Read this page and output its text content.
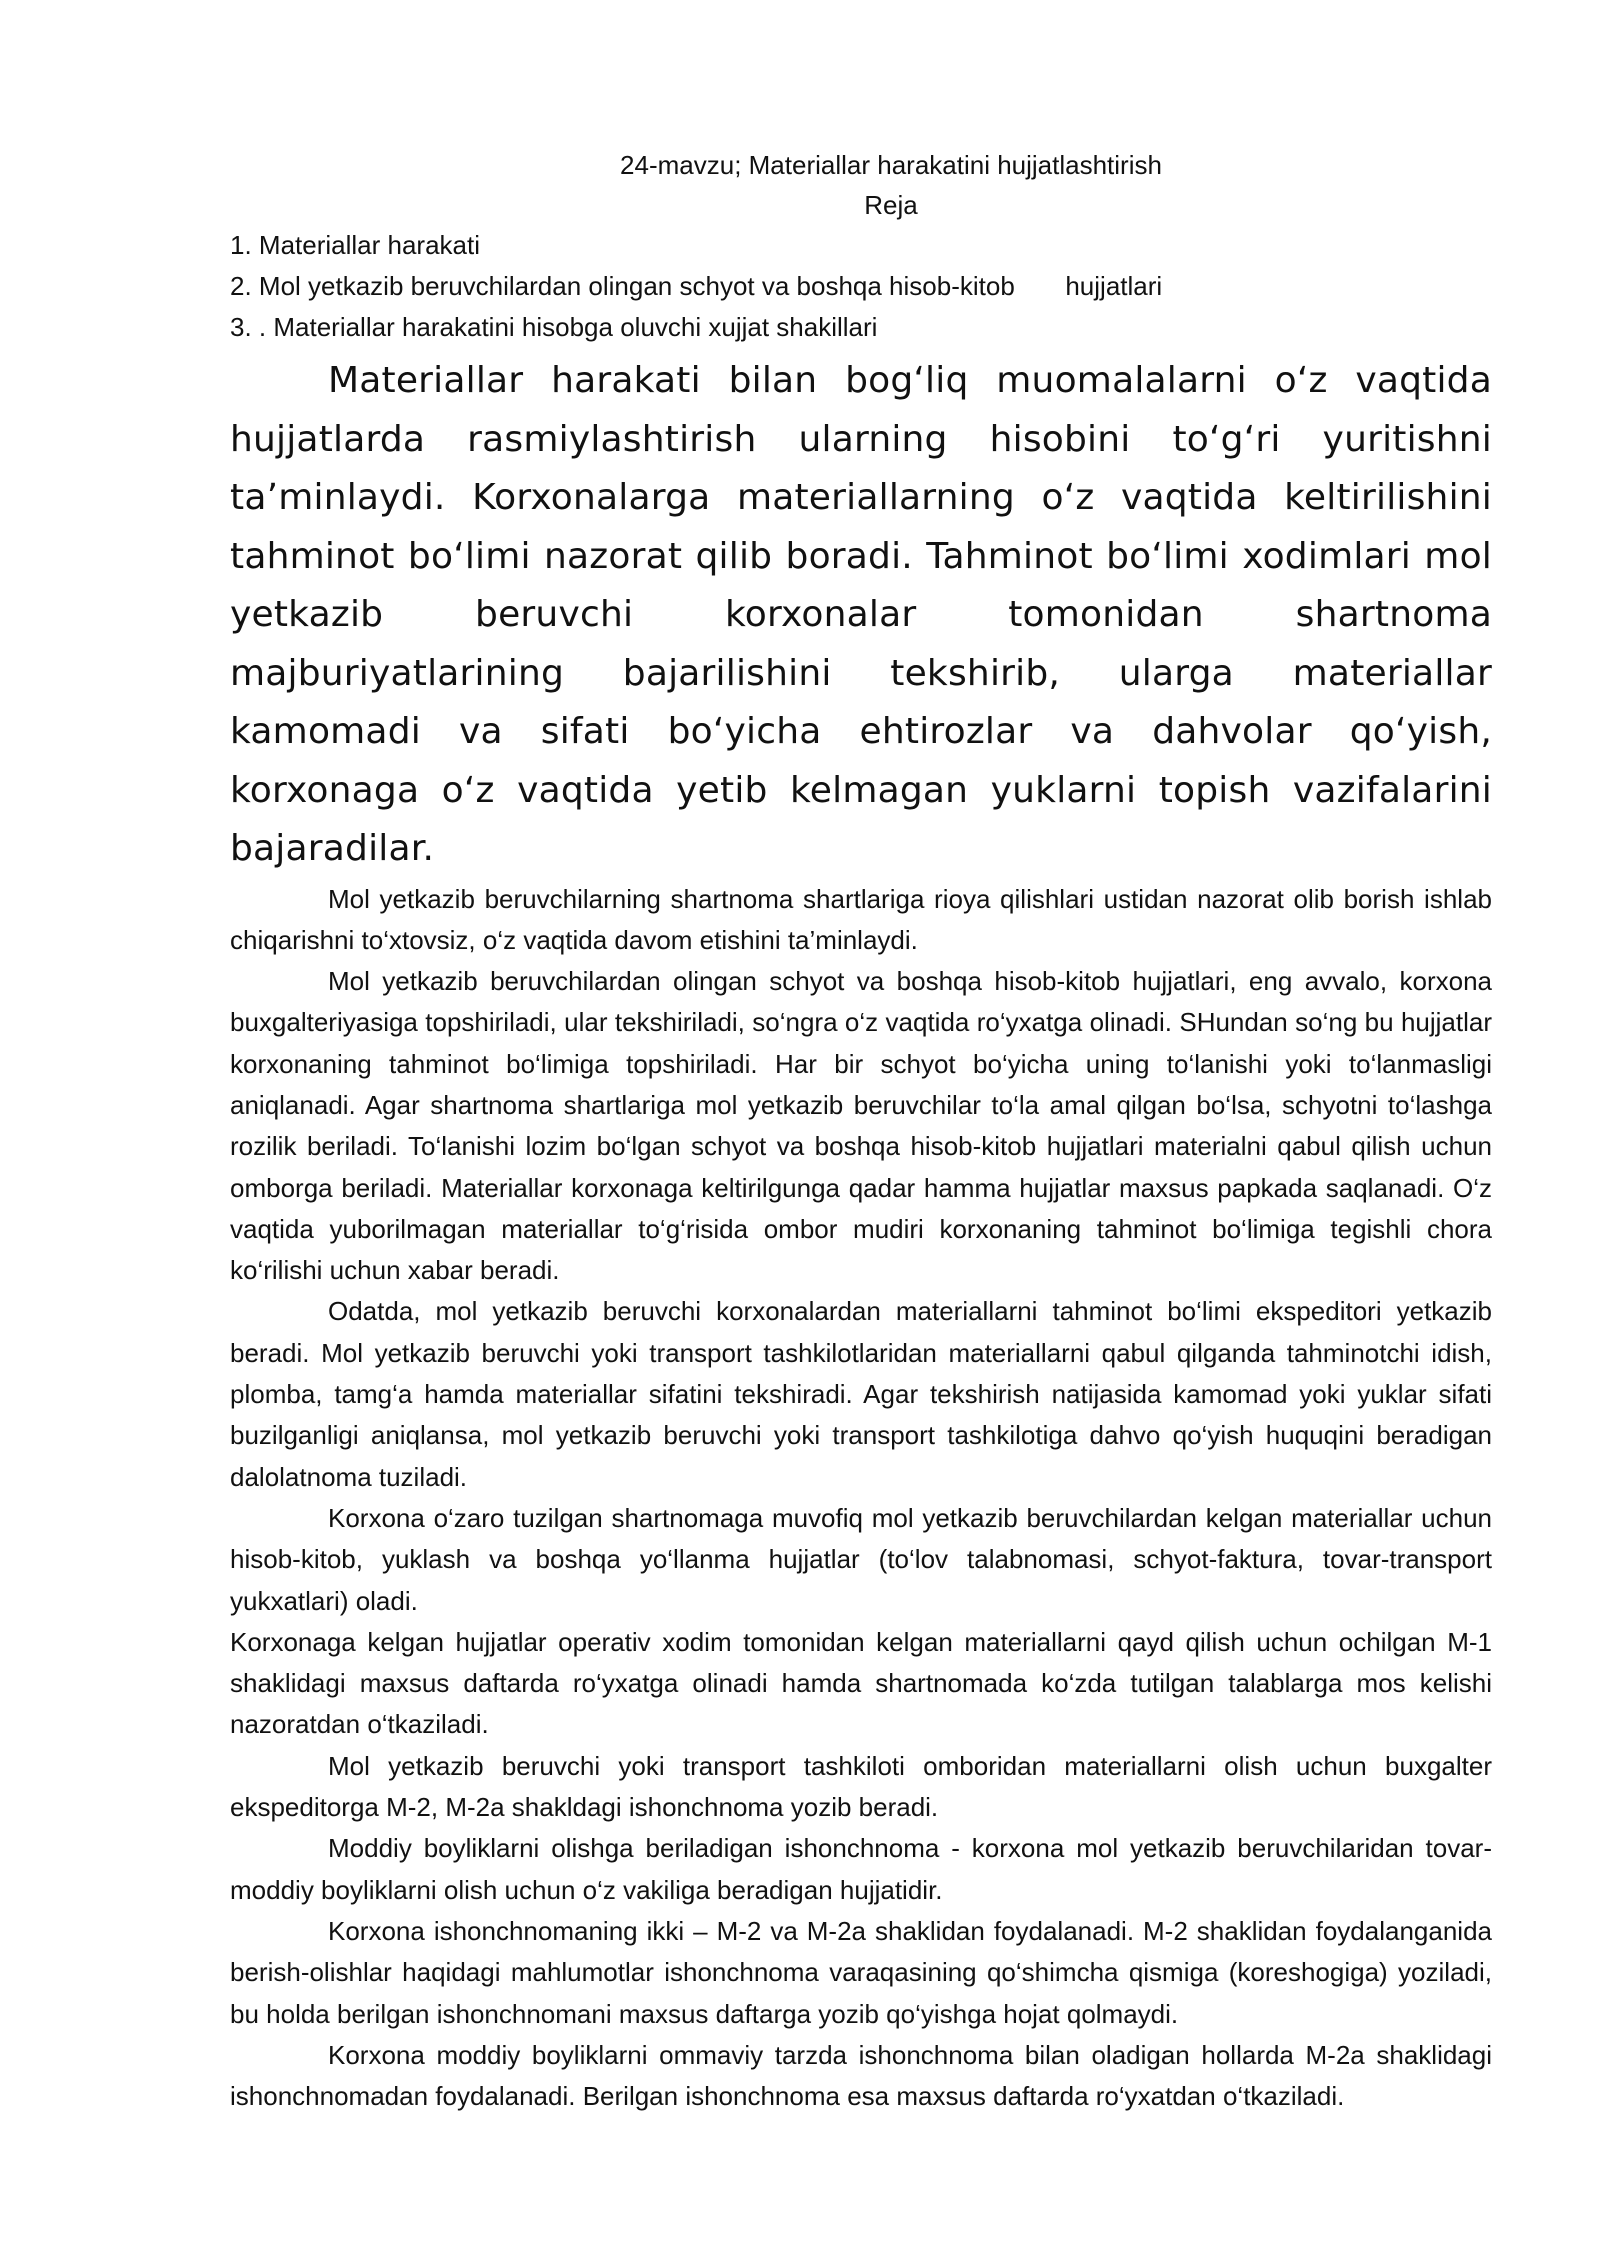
24-mavzu; Materiallar harakatini hujjatlashtirish

Reja

1. Materiallar harakati

2. Mol yetkazib beruvchilardan olingan schyot va boshqa hisob-kitob       hujjatlari

3. . Materiallar harakatini hisobga oluvchi xujjat shakillari

Materiallar harakati bilan bog‘liq muomalalarni o‘z vaqtida hujjatlarda rasmiylashtirish ularning hisobini to‘g‘ri yuritishni ta’minlaydi. Korxonalarga materiallarning o‘z vaqtida keltirilishini tahminot bo‘limi nazorat qilib boradi. Tahminot bo‘limi xodimlari mol yetkazib beruvchi korxonalar tomonidan shartnoma majburiyatlarining bajarilishini tekshirib, ularga materiallar kamomadi va sifati bo‘yicha ehtirozlar va dahvolar qo‘yish, korxonaga o‘z vaqtida yetib kelmagan yuklarni topish vazifalarini bajaradilar.

Mol yetkazib beruvchilarning shartnoma shartlariga rioya qilishlari ustidan nazorat olib borish ishlab chiqarishni to‘xtovsiz, o‘z vaqtida davom etishini ta’minlaydi.

Mol yetkazib beruvchilardan olingan schyot va boshqa hisob-kitob hujjatlari, eng avvalo, korxona buxgalteriyasiga topshiriladi, ular tekshiriladi, so‘ngra o‘z vaqtida ro‘yxatga olinadi. SHundan so‘ng bu hujjatlar korxonaning tahminot bo‘limiga topshiriladi. Har bir schyot bo‘yicha uning to‘lanishi yoki to‘lanmasligi aniqlanadi. Agar shartnoma shartlariga mol yetkazib beruvchilar to‘la amal qilgan bo‘lsa, schyotni to‘lashga rozilik beriladi. To‘lanishi lozim bo‘lgan schyot va boshqa hisob-kitob hujjatlari materialni qabul qilish uchun omborga beriladi. Materiallar korxonaga keltirilgunga qadar hamma hujjatlar maxsus papkada saqlanadi. O‘z vaqtida yuborilmagan materiallar to‘g‘risida ombor mudiri korxonaning tahminot bo‘limiga tegishli chora ko‘rilishi uchun xabar beradi.

Odatda, mol yetkazib beruvchi korxonalardan materiallarni tahminot bo‘limi ekspeditori yetkazib beradi. Mol yetkazib beruvchi yoki transport tashkilotlaridan materiallarni qabul qilganda tahminotchi idish, plomba, tamg‘a hamda materiallar sifatini tekshiradi. Agar tekshirish natijasida kamomad yoki yuklar sifati buzilganligi aniqlansa, mol yetkazib beruvchi yoki transport tashkilotiga dahvo qo‘yish huquqini beradigan dalolatnoma tuziladi.

Korxona o‘zaro tuzilgan shartnomaga muvofiq mol yetkazib beruvchilardan kelgan materiallar uchun hisob-kitob, yuklash va boshqa yo‘llanma hujjatlar (to‘lov talabnomasi, schyot-faktura, tovar-transport yukxatlari) oladi.

Korxonaga kelgan hujjatlar operativ xodim tomonidan kelgan materiallarni qayd qilish uchun ochilgan M-1 shaklidagi maxsus daftarda ro‘yxatga olinadi hamda shartnomada ko‘zda tutilgan talablarga mos kelishi nazoratdan o‘tkaziladi.

Mol yetkazib beruvchi yoki transport tashkiloti omboridan materiallarni olish uchun buxgalter ekspeditorga M-2, M-2a shakldagi ishonchnoma yozib beradi.

Moddiy boyliklarni olishga beriladigan ishonchnoma - korxona mol yetkazib beruvchilaridan tovar-moddiy boyliklarni olish uchun o‘z vakiliga beradigan hujjatidir.

Korxona ishonchnomaning ikki – M-2 va M-2a shaklidan foydalanadi. M-2 shaklidan foydalanganida berish-olishlar haqidagi mahlumotlar ishonchnoma varaqasining qo‘shimcha qismiga (koreshogiga) yoziladi, bu holda berilgan ishonchnomani maxsus daftarga yozib qo‘yishga hojat qolmaydi.

Korxona moddiy boyliklarni ommaviy tarzda ishonchnoma bilan oladigan hollarda M-2a shaklidagi ishonchnomadan foydalanadi. Berilgan ishonchnoma esa maxsus daftarda ro‘yxatdan o‘tkaziladi.
